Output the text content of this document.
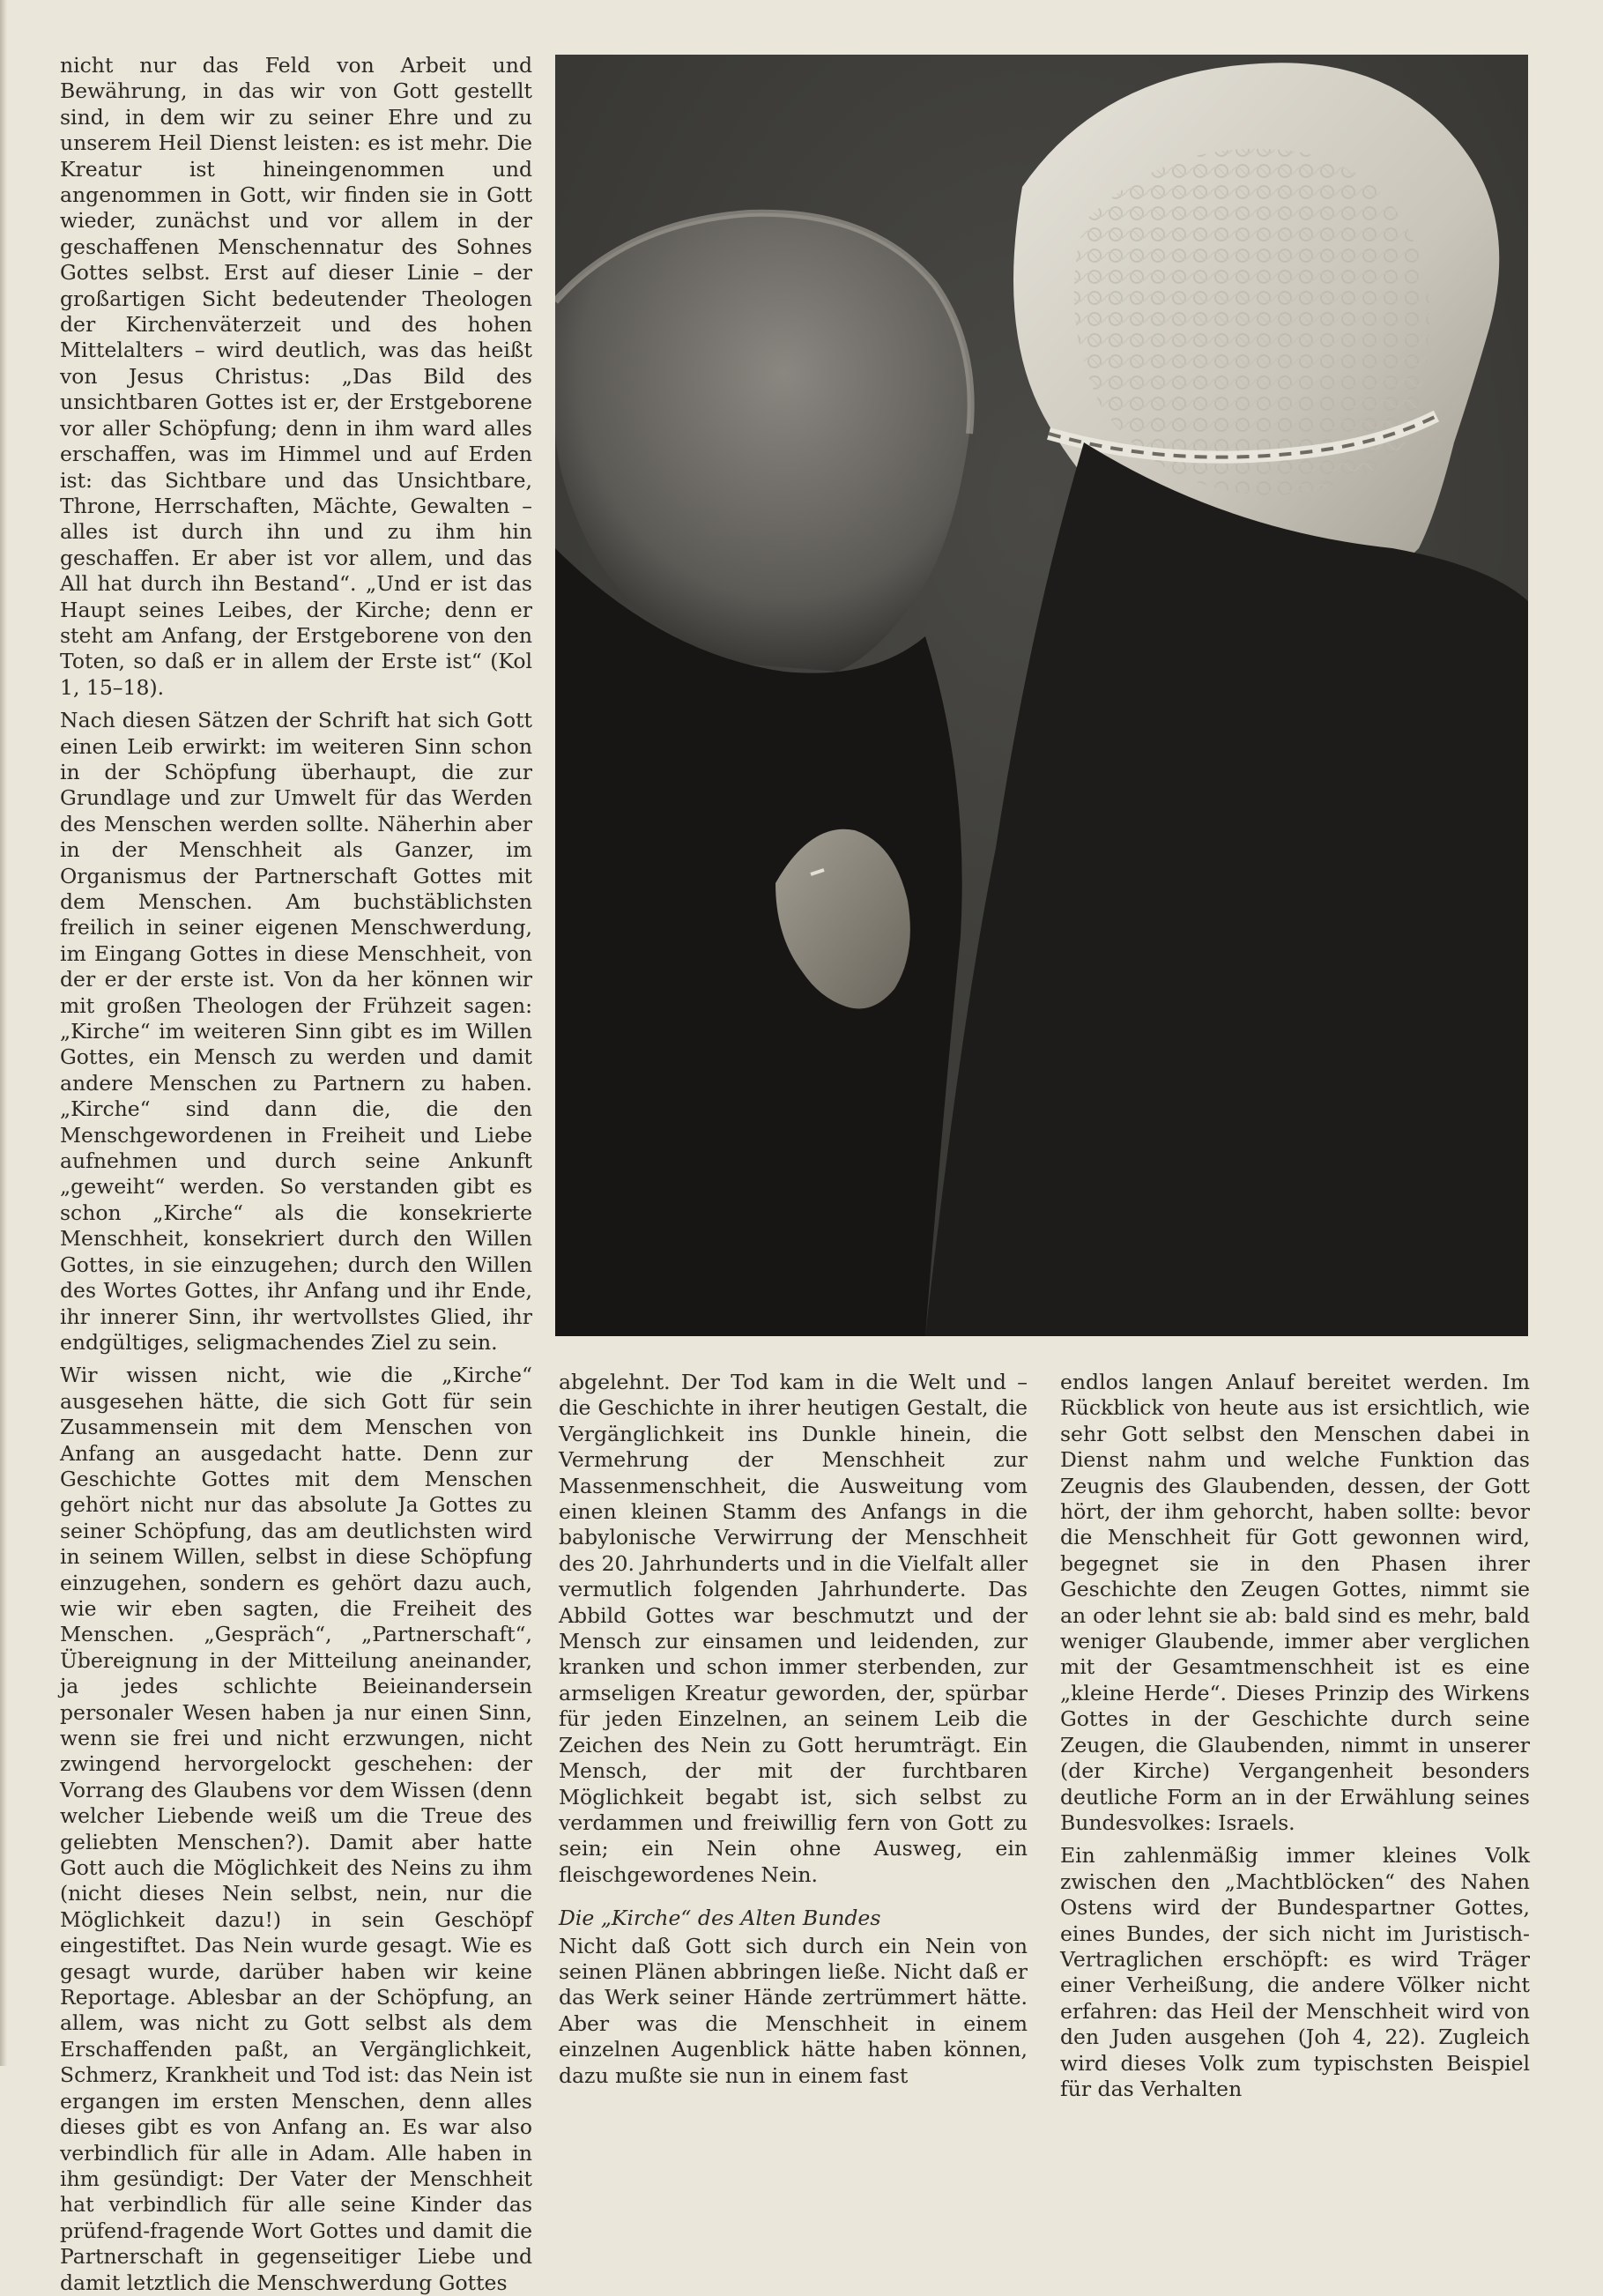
nicht nur das Feld von Arbeit und Bewährung, in das wir von Gott gestellt sind, in dem wir zu seiner Ehre und zu unserem Heil Dienst leisten: es ist mehr. Die Kreatur ist hineingenommen und angenommen in Gott, wir finden sie in Gott wieder, zunächst und vor allem in der geschaffenen Menschennatur des Sohnes Gottes selbst. Erst auf dieser Linie – der großartigen Sicht bedeutender Theologen der Kirchenväterzeit und des hohen Mittelalters – wird deutlich, was das heißt von Jesus Christus: „Das Bild des unsichtbaren Gottes ist er, der Erstgeborene vor aller Schöpfung; denn in ihm ward alles erschaffen, was im Himmel und auf Erden ist: das Sichtbare und das Unsichtbare, Throne, Herrschaften, Mächte, Gewalten – alles ist durch ihn und zu ihm hin geschaffen. Er aber ist vor allem, und das All hat durch ihn Bestand“. „Und er ist das Haupt seines Leibes, der Kirche; denn er steht am Anfang, der Erstgeborene von den Toten, so daß er in allem der Erste ist“ (Kol 1, 15–18).

Nach diesen Sätzen der Schrift hat sich Gott einen Leib erwirkt: im weiteren Sinn schon in der Schöpfung überhaupt, die zur Grundlage und zur Umwelt für das Werden des Menschen werden sollte. Näherhin aber in der Menschheit als Ganzer, im Organismus der Partnerschaft Gottes mit dem Menschen. Am buchstäblichsten freilich in seiner eigenen Menschwerdung, im Eingang Gottes in diese Menschheit, von der er der erste ist. Von da her können wir mit großen Theologen der Frühzeit sagen: „Kirche“ im weiteren Sinn gibt es im Willen Gottes, ein Mensch zu werden und damit andere Menschen zu Partnern zu haben. „Kirche“ sind dann die, die den Menschgewordenen in Freiheit und Liebe aufnehmen und durch seine Ankunft „geweiht“ werden. So verstanden gibt es schon „Kirche“ als die konsekrierte Menschheit, konsekriert durch den Willen Gottes, in sie einzugehen; durch den Willen des Wortes Gottes, ihr Anfang und ihr Ende, ihr innerer Sinn, ihr wertvollstes Glied, ihr endgültiges, seligmachendes Ziel zu sein.

Wir wissen nicht, wie die „Kirche“ ausgesehen hätte, die sich Gott für sein Zusammensein mit dem Menschen von Anfang an ausgedacht hatte. Denn zur Geschichte Gottes mit dem Menschen gehört nicht nur das absolute Ja Gottes zu seiner Schöpfung, das am deutlichsten wird in seinem Willen, selbst in diese Schöpfung einzugehen, sondern es gehört dazu auch, wie wir eben sagten, die Freiheit des Menschen. „Gespräch“, „Partnerschaft“, Übereignung in der Mitteilung aneinander, ja jedes schlichte Beieinandersein personaler Wesen haben ja nur einen Sinn, wenn sie frei und nicht erzwungen, nicht zwingend hervorgelockt geschehen: der Vorrang des Glaubens vor dem Wissen (denn welcher Liebende weiß um die Treue des geliebten Menschen?). Damit aber hatte Gott auch die Möglichkeit des Neins zu ihm (nicht dieses Nein selbst, nein, nur die Möglichkeit dazu!) in sein Geschöpf eingestiftet. Das Nein wurde gesagt. Wie es gesagt wurde, darüber haben wir keine Reportage. Ablesbar an der Schöpfung, an allem, was nicht zu Gott selbst als dem Erschaffenden paßt, an Vergänglichkeit, Schmerz, Krankheit und Tod ist: das Nein ist ergangen im ersten Menschen, denn alles dieses gibt es von Anfang an. Es war also verbindlich für alle in Adam. Alle haben in ihm gesündigt: Der Vater der Menschheit hat verbindlich für alle seine Kinder das prüfend-fragende Wort Gottes und damit die Partnerschaft in gegenseitiger Liebe und damit letztlich die Menschwerdung Gottes

abgelehnt. Der Tod kam in die Welt und – die Geschichte in ihrer heutigen Gestalt, die Vergänglichkeit ins Dunkle hinein, die Vermehrung der Menschheit zur Massenmenschheit, die Ausweitung vom einen kleinen Stamm des Anfangs in die babylonische Verwirrung der Menschheit des 20. Jahrhunderts und in die Vielfalt aller vermutlich folgenden Jahrhunderte. Das Abbild Gottes war beschmutzt und der Mensch zur einsamen und leidenden, zur kranken und schon immer sterbenden, zur armseligen Kreatur geworden, der, spürbar für jeden Einzelnen, an seinem Leib die Zeichen des Nein zu Gott herumträgt. Ein Mensch, der mit der furchtbaren Möglichkeit begabt ist, sich selbst zu verdammen und freiwillig fern von Gott zu sein; ein Nein ohne Ausweg, ein fleischgewordenes Nein.

Die „Kirche“ des Alten Bundes

Nicht daß Gott sich durch ein Nein von seinen Plänen abbringen ließe. Nicht daß er das Werk seiner Hände zertrümmert hätte. Aber was die Menschheit in einem einzelnen Augenblick hätte haben können, dazu mußte sie nun in einem fast

endlos langen Anlauf bereitet werden. Im Rückblick von heute aus ist ersichtlich, wie sehr Gott selbst den Menschen dabei in Dienst nahm und welche Funktion das Zeugnis des Glaubenden, dessen, der Gott hört, der ihm gehorcht, haben sollte: bevor die Menschheit für Gott gewonnen wird, begegnet sie in den Phasen ihrer Geschichte den Zeugen Gottes, nimmt sie an oder lehnt sie ab: bald sind es mehr, bald weniger Glaubende, immer aber verglichen mit der Gesamtmenschheit ist es eine „kleine Herde“. Dieses Prinzip des Wirkens Gottes in der Geschichte durch seine Zeugen, die Glaubenden, nimmt in unserer (der Kirche) Vergangenheit besonders deutliche Form an in der Erwählung seines Bundesvolkes: Israels.

Ein zahlenmäßig immer kleines Volk zwischen den „Machtblöcken“ des Nahen Ostens wird der Bundespartner Gottes, eines Bundes, der sich nicht im Juristisch-Vertraglichen erschöpft: es wird Träger einer Verheißung, die andere Völker nicht erfahren: das Heil der Menschheit wird von den Juden ausgehen (Joh 4, 22). Zugleich wird dieses Volk zum typischsten Beispiel für das Verhalten
